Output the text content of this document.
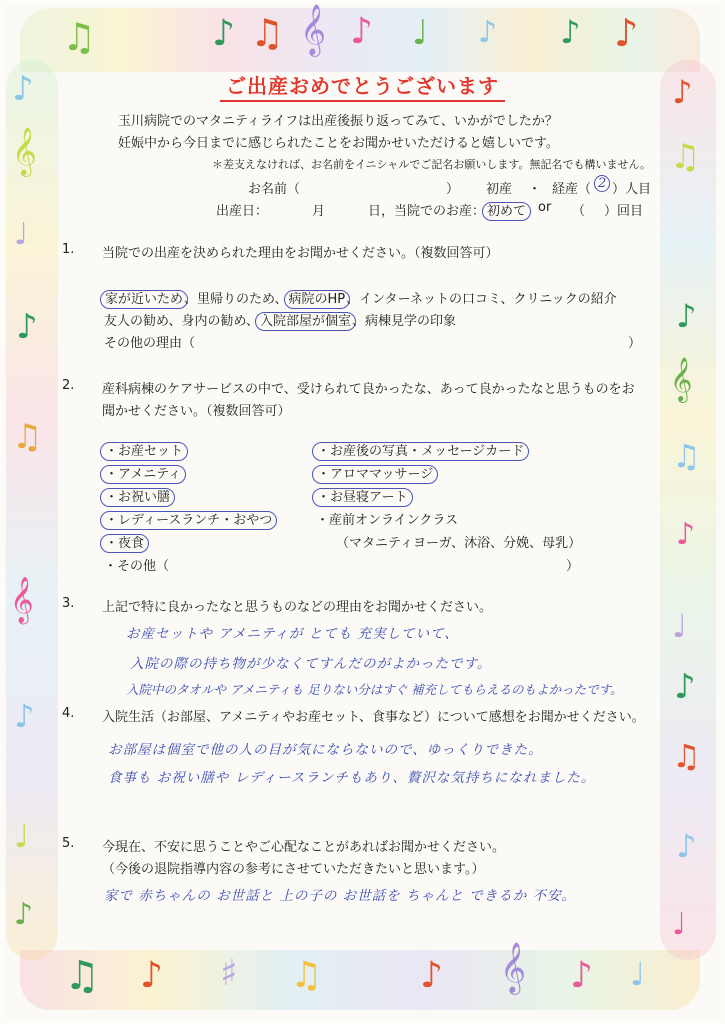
♫	♪ ♫ 𝄞 ♪ ♩ ♪ ♪ ♪
♪
𝄞
♩
♪
♫
𝄞
♪
♩
♪
♪
♫
♪
𝄞
♫
♪
♩
♪
♫
♪
♩
♫ ♪ ♯ ♫	♪ 𝄞 ♪ ♩
ご出産おめでとうございます
玉川病院でのマタニティライフは出産後振り返ってみて、いかがでしたか？
妊娠中から今日までに感じられたことをお聞かせいただけると嬉しいです。
＊差支えなければ、お名前をイニシャルでご記名お願いします。無記名でも構いません。
お名前（	） 初産 ・ 経産（ 2 ）人目
出産日：	月	日， 当院でのお産： 初めて or （ ）回目
1. 当院での出産を決められた理由をお聞かせください。（複数回答可）
家が近いため、里帰りのため、病院のHP、インターネットの口コミ、クリニックの紹介
友人の勧め、身内の勧め、入院部屋が個室、病棟見学の印象
その他の理由（	）
2. 産科病棟のケアサービスの中で、受けられて良かったな、あって良かったなと思うものをお
聞かせください。（複数回答可）
・お産セット
・アメニティ
・お祝い膳
・レディースランチ・おやつ
・夜食
・その他（	）
・お産後の写真・メッセージカード
・アロママッサージ
・お昼寝アート
・産前オンラインクラス
（マタニティヨーガ、沐浴、分娩、母乳）
3. 上記で特に良かったなと思うものなどの理由をお聞かせください。
お産セットや アメニティが とても 充実していて、
入院の際の持ち物が少なくてすんだのがよかったです。
入院中のタオルや アメニティも 足りない分はすぐ 補充してもらえるのもよかったです。
4. 入院生活（お部屋、アメニティやお産セット、食事など）について感想をお聞かせください。
お部屋は個室で他の人の目が気にならないので、ゆっくりできた。
食事も お祝い膳や レディースランチもあり、贅沢な気持ちになれました。
5. 今現在、不安に思うことやご心配なことがあればお聞かせください。
（今後の退院指導内容の参考にさせていただきたいと思います。）
家で 赤ちゃんの お世話と 上の子の お世話を ちゃんと できるか 不安。
